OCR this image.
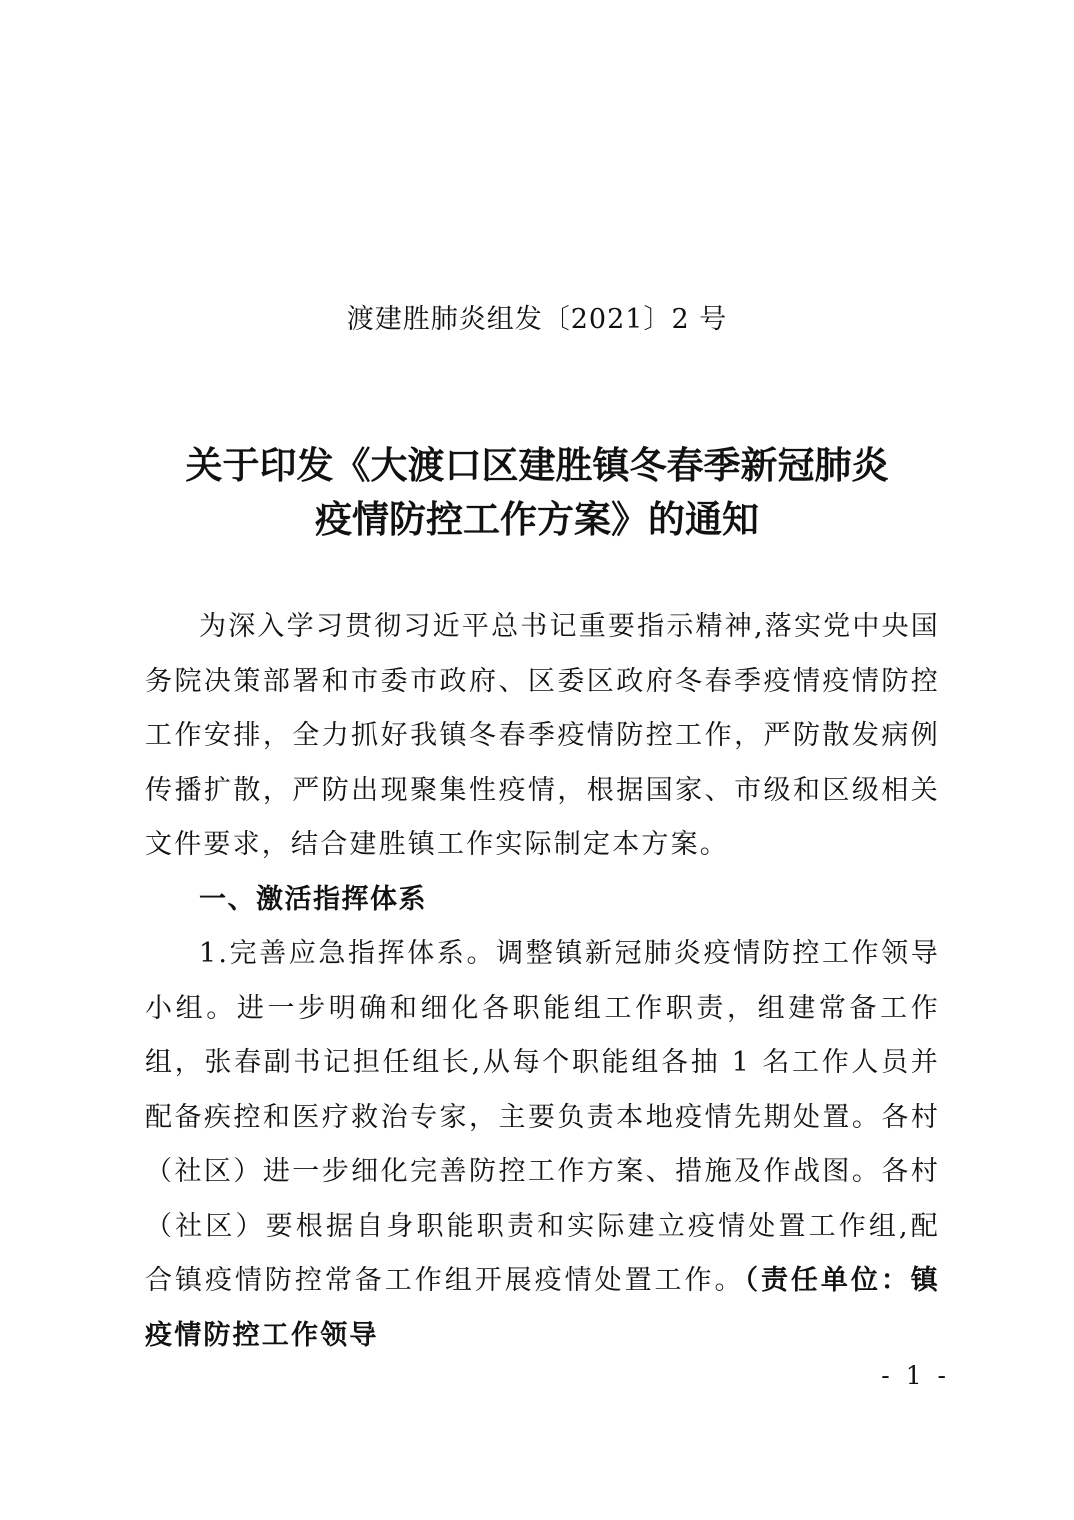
渡建胜肺炎组发〔2021〕2 号
关于印发《大渡口区建胜镇冬春季新冠肺炎
疫情防控工作方案》的通知

为深入学习贯彻习近平总书记重要指示精神,落实党中央国务院决策部署和市委市政府、区委区政府冬春季疫情疫情防控工作安排，全力抓好我镇冬春季疫情防控工作，严防散发病例传播扩散，严防出现聚集性疫情，根据国家、市级和区级相关文件要求，结合建胜镇工作实际制定本方案。

一、激活指挥体系

1.完善应急指挥体系。调整镇新冠肺炎疫情防控工作领导小组。进一步明确和细化各职能组工作职责，组建常备工作组，张春副书记担任组长,从每个职能组各抽 1 名工作人员并配备疾控和医疗救治专家，主要负责本地疫情先期处置。各村（社区）进一步细化完善防控工作方案、措施及作战图。各村（社区）要根据自身职能职责和实际建立疫情处置工作组,配合镇疫情防控常备工作组开展疫情处置工作。（责任单位：镇疫情防控工作领导

- 1 -
